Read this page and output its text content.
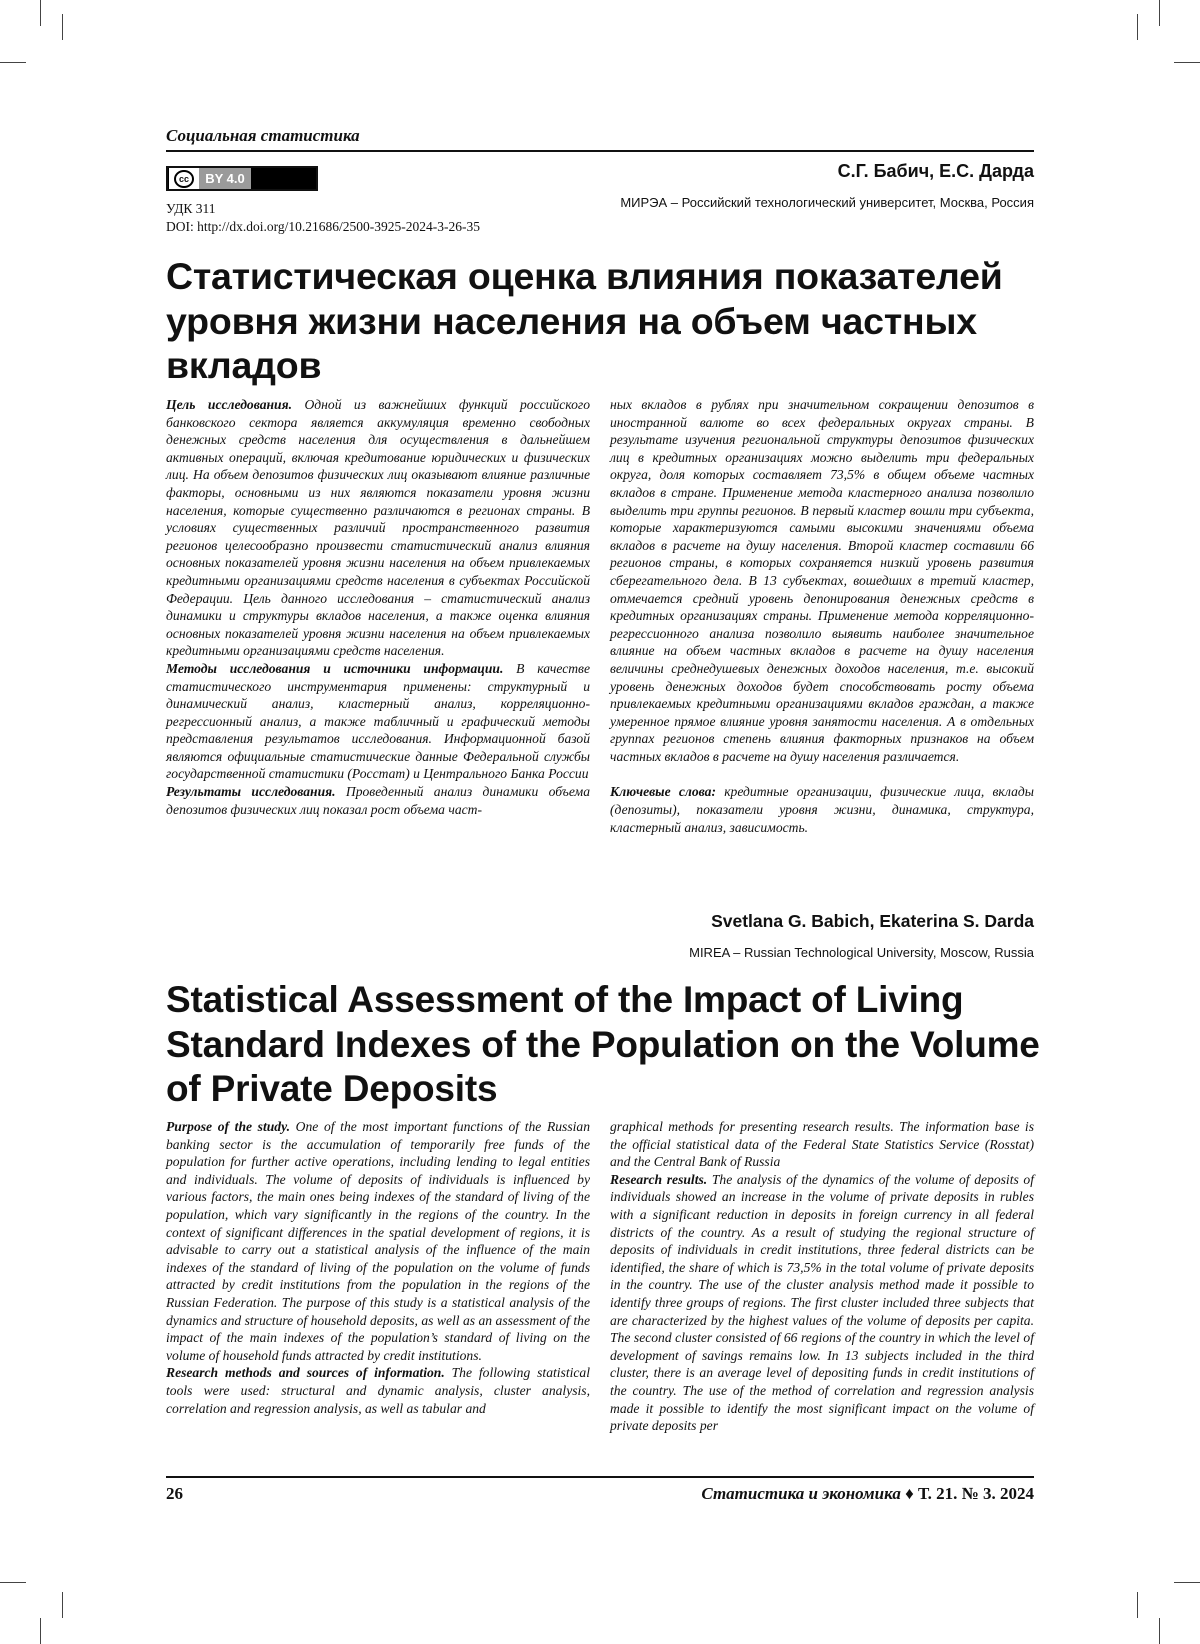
Социальная статистика
cc	BY 4.0
УДК 311
DOI: http://dx.doi.org/10.21686/2500-3925-2024-3-26-35
С.Г. Бабич, Е.С. Дарда
МИРЭА – Российский технологический университет, Москва, Россия
Статистическая оценка влияния показателей уровня жизни населения на объем частных вкладов

Цель исследования. Одной из важнейших функций российского банковского сектора является аккумуляция временно свободных денежных средств населения для осуществления в дальнейшем активных операций, включая кредитование юридических и физических лиц. На объем депозитов физических лиц оказывают влияние различные факторы, основными из них являются показатели уровня жизни населения, которые существенно различаются в регионах страны. В условиях существенных различий пространственного развития регионов целесообразно произвести статистический анализ влияния основных показателей уровня жизни населения на объем привлекаемых кредитными организациями средств населения в субъектах Российской Федерации. Цель данного исследования – статистический анализ динамики и структуры вкладов населения, а также оценка влияния основных показателей уровня жизни населения на объем привлекаемых кредитными организациями средств населения.

Методы исследования и источники информации. В качестве статистического инструментария применены: структурный и динамический анализ, кластерный анализ, корреляционно-регрессионный анализ, а также табличный и графический методы представления результатов исследования. Информационной базой являются официальные статистические данные Федеральной службы государственной статистики (Росстат) и Центрального Банка России

Результаты исследования. Проведенный анализ динамики объема депозитов физических лиц показал рост объема част-

ных вкладов в рублях при значительном сокращении депозитов в иностранной валюте во всех федеральных округах страны. В результате изучения региональной структуры депозитов физических лиц в кредитных организациях можно выделить три федеральных округа, доля которых составляет 73,5% в общем объеме частных вкладов в стране. Применение метода кластерного анализа позволило выделить три группы регионов. В первый кластер вошли три субъекта, которые характеризуются самыми высокими значениями объема вкладов в расчете на душу населения. Второй кластер составили 66 регионов страны, в которых сохраняется низкий уровень развития сберегательного дела. В 13 субъектах, вошедших в третий кластер, отмечается средний уровень депонирования денежных средств в кредитных организациях страны. Применение метода корреляционно-регрессионного анализа позволило выявить наиболее значительное влияние на объем частных вкладов в расчете на душу населения величины среднедушевых денежных доходов населения, т.е. высокий уровень денежных доходов будет способствовать росту объема привлекаемых кредитными организациями вкладов граждан, а также умеренное прямое влияние уровня занятости населения. А в отдельных группах регионов степень влияния факторных признаков на объем частных вкладов в расчете на душу населения различается.

Ключевые слова: кредитные организации, физические лица, вклады (депозиты), показатели уровня жизни, динамика, структура, кластерный анализ, зависимость.

Svetlana G. Babich, Ekaterina S. Darda
MIREA – Russian Technological University, Moscow, Russia
Statistical Assessment of the Impact of Living Standard Indexes of the Population on the Volume of Private Deposits

Purpose of the study. One of the most important functions of the Russian banking sector is the accumulation of temporarily free funds of the population for further active operations, including lending to legal entities and individuals. The volume of deposits of individuals is influenced by various factors, the main ones being indexes of the standard of living of the population, which vary significantly in the regions of the country. In the context of significant differences in the spatial development of regions, it is advisable to carry out a statistical analysis of the influence of the main indexes of the standard of living of the population on the volume of funds attracted by credit institutions from the population in the regions of the Russian Federation. The purpose of this study is a statistical analysis of the dynamics and structure of household deposits, as well as an assessment of the impact of the main indexes of the population’s standard of living on the volume of household funds attracted by credit institutions.

Research methods and sources of information. The following statistical tools were used: structural and dynamic analysis, cluster analysis, correlation and regression analysis, as well as tabular and

graphical methods for presenting research results. The information base is the official statistical data of the Federal State Statistics Service (Rosstat) and the Central Bank of Russia

Research results. The analysis of the dynamics of the volume of deposits of individuals showed an increase in the volume of private deposits in rubles with a significant reduction in deposits in foreign currency in all federal districts of the country. As a result of studying the regional structure of deposits of individuals in credit institutions, three federal districts can be identified, the share of which is 73,5% in the total volume of private deposits in the country. The use of the cluster analysis method made it possible to identify three groups of regions. The first cluster included three subjects that are characterized by the highest values of the volume of deposits per capita. The second cluster consisted of 66 regions of the country in which the level of development of savings remains low. In 13 subjects included in the third cluster, there is an average level of depositing funds in credit institutions of the country. The use of the method of correlation and regression analysis made it possible to identify the most significant impact on the volume of private deposits per

26	Статистика и экономика ♦ Т. 21. № 3. 2024
